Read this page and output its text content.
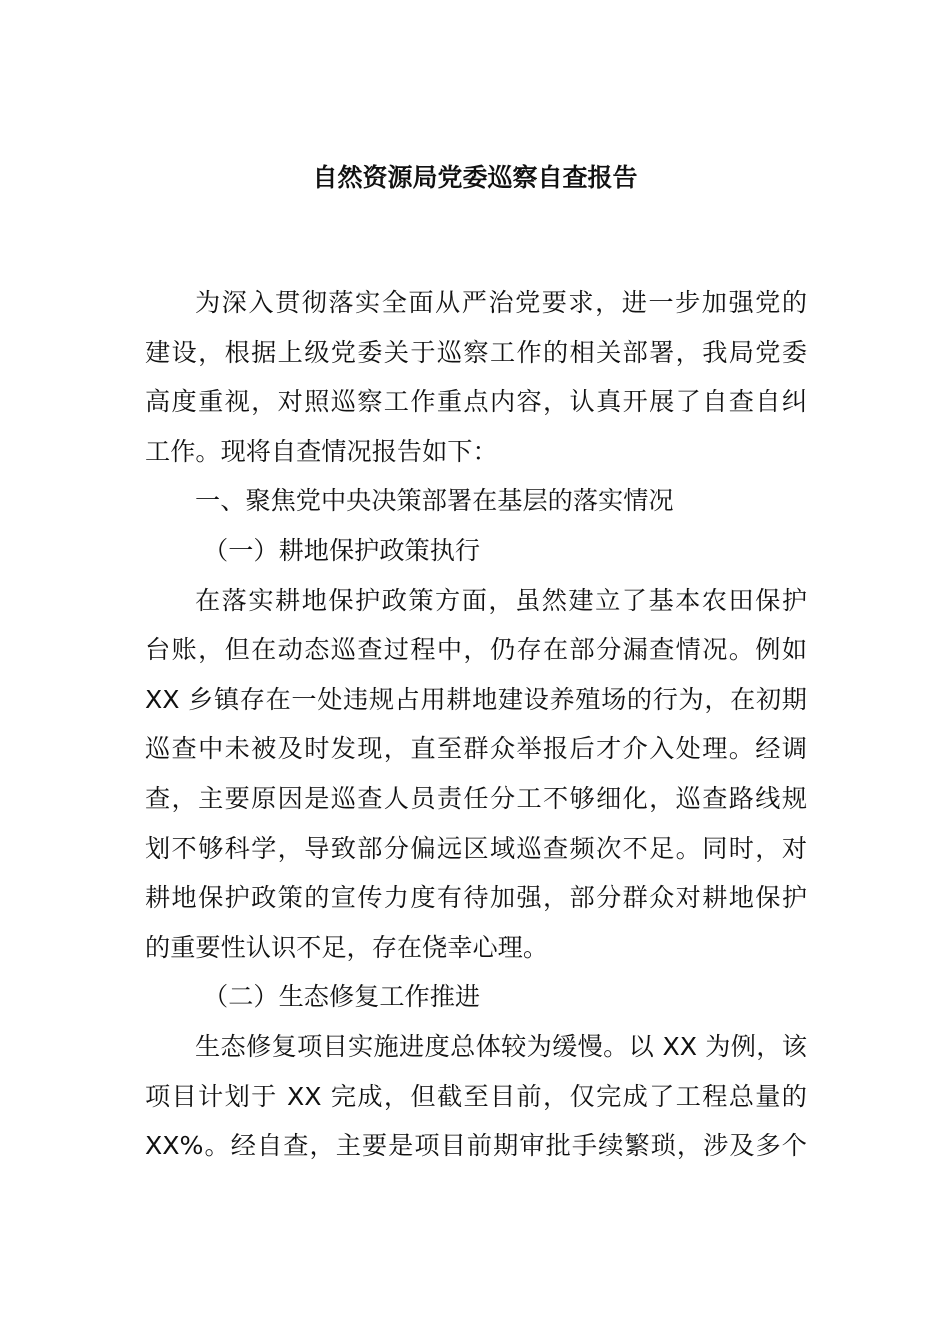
自然资源局党委巡察自查报告
为深入贯彻落实全面从严治党要求，进一步加强党的
建设，根据上级党委关于巡察工作的相关部署，我局党委
高度重视，对照巡察工作重点内容，认真开展了自查自纠
工作。现将自查情况报告如下：
一、聚焦党中央决策部署在基层的落实情况
（一）耕地保护政策执行
在落实耕地保护政策方面，虽然建立了基本农田保护
台账，但在动态巡查过程中，仍存在部分漏查情况。例如
XX 乡镇存在一处违规占用耕地建设养殖场的行为，在初期
巡查中未被及时发现，直至群众举报后才介入处理。经调
查，主要原因是巡查人员责任分工不够细化，巡查路线规
划不够科学，导致部分偏远区域巡查频次不足。同时，对
耕地保护政策的宣传力度有待加强，部分群众对耕地保护
的重要性认识不足，存在侥幸心理。
（二）生态修复工作推进
生态修复项目实施进度总体较为缓慢。以 XX 为例，该
项目计划于 XX 完成，但截至目前，仅完成了工程总量的
XX%。经自查，主要是项目前期审批手续繁琐，涉及多个
